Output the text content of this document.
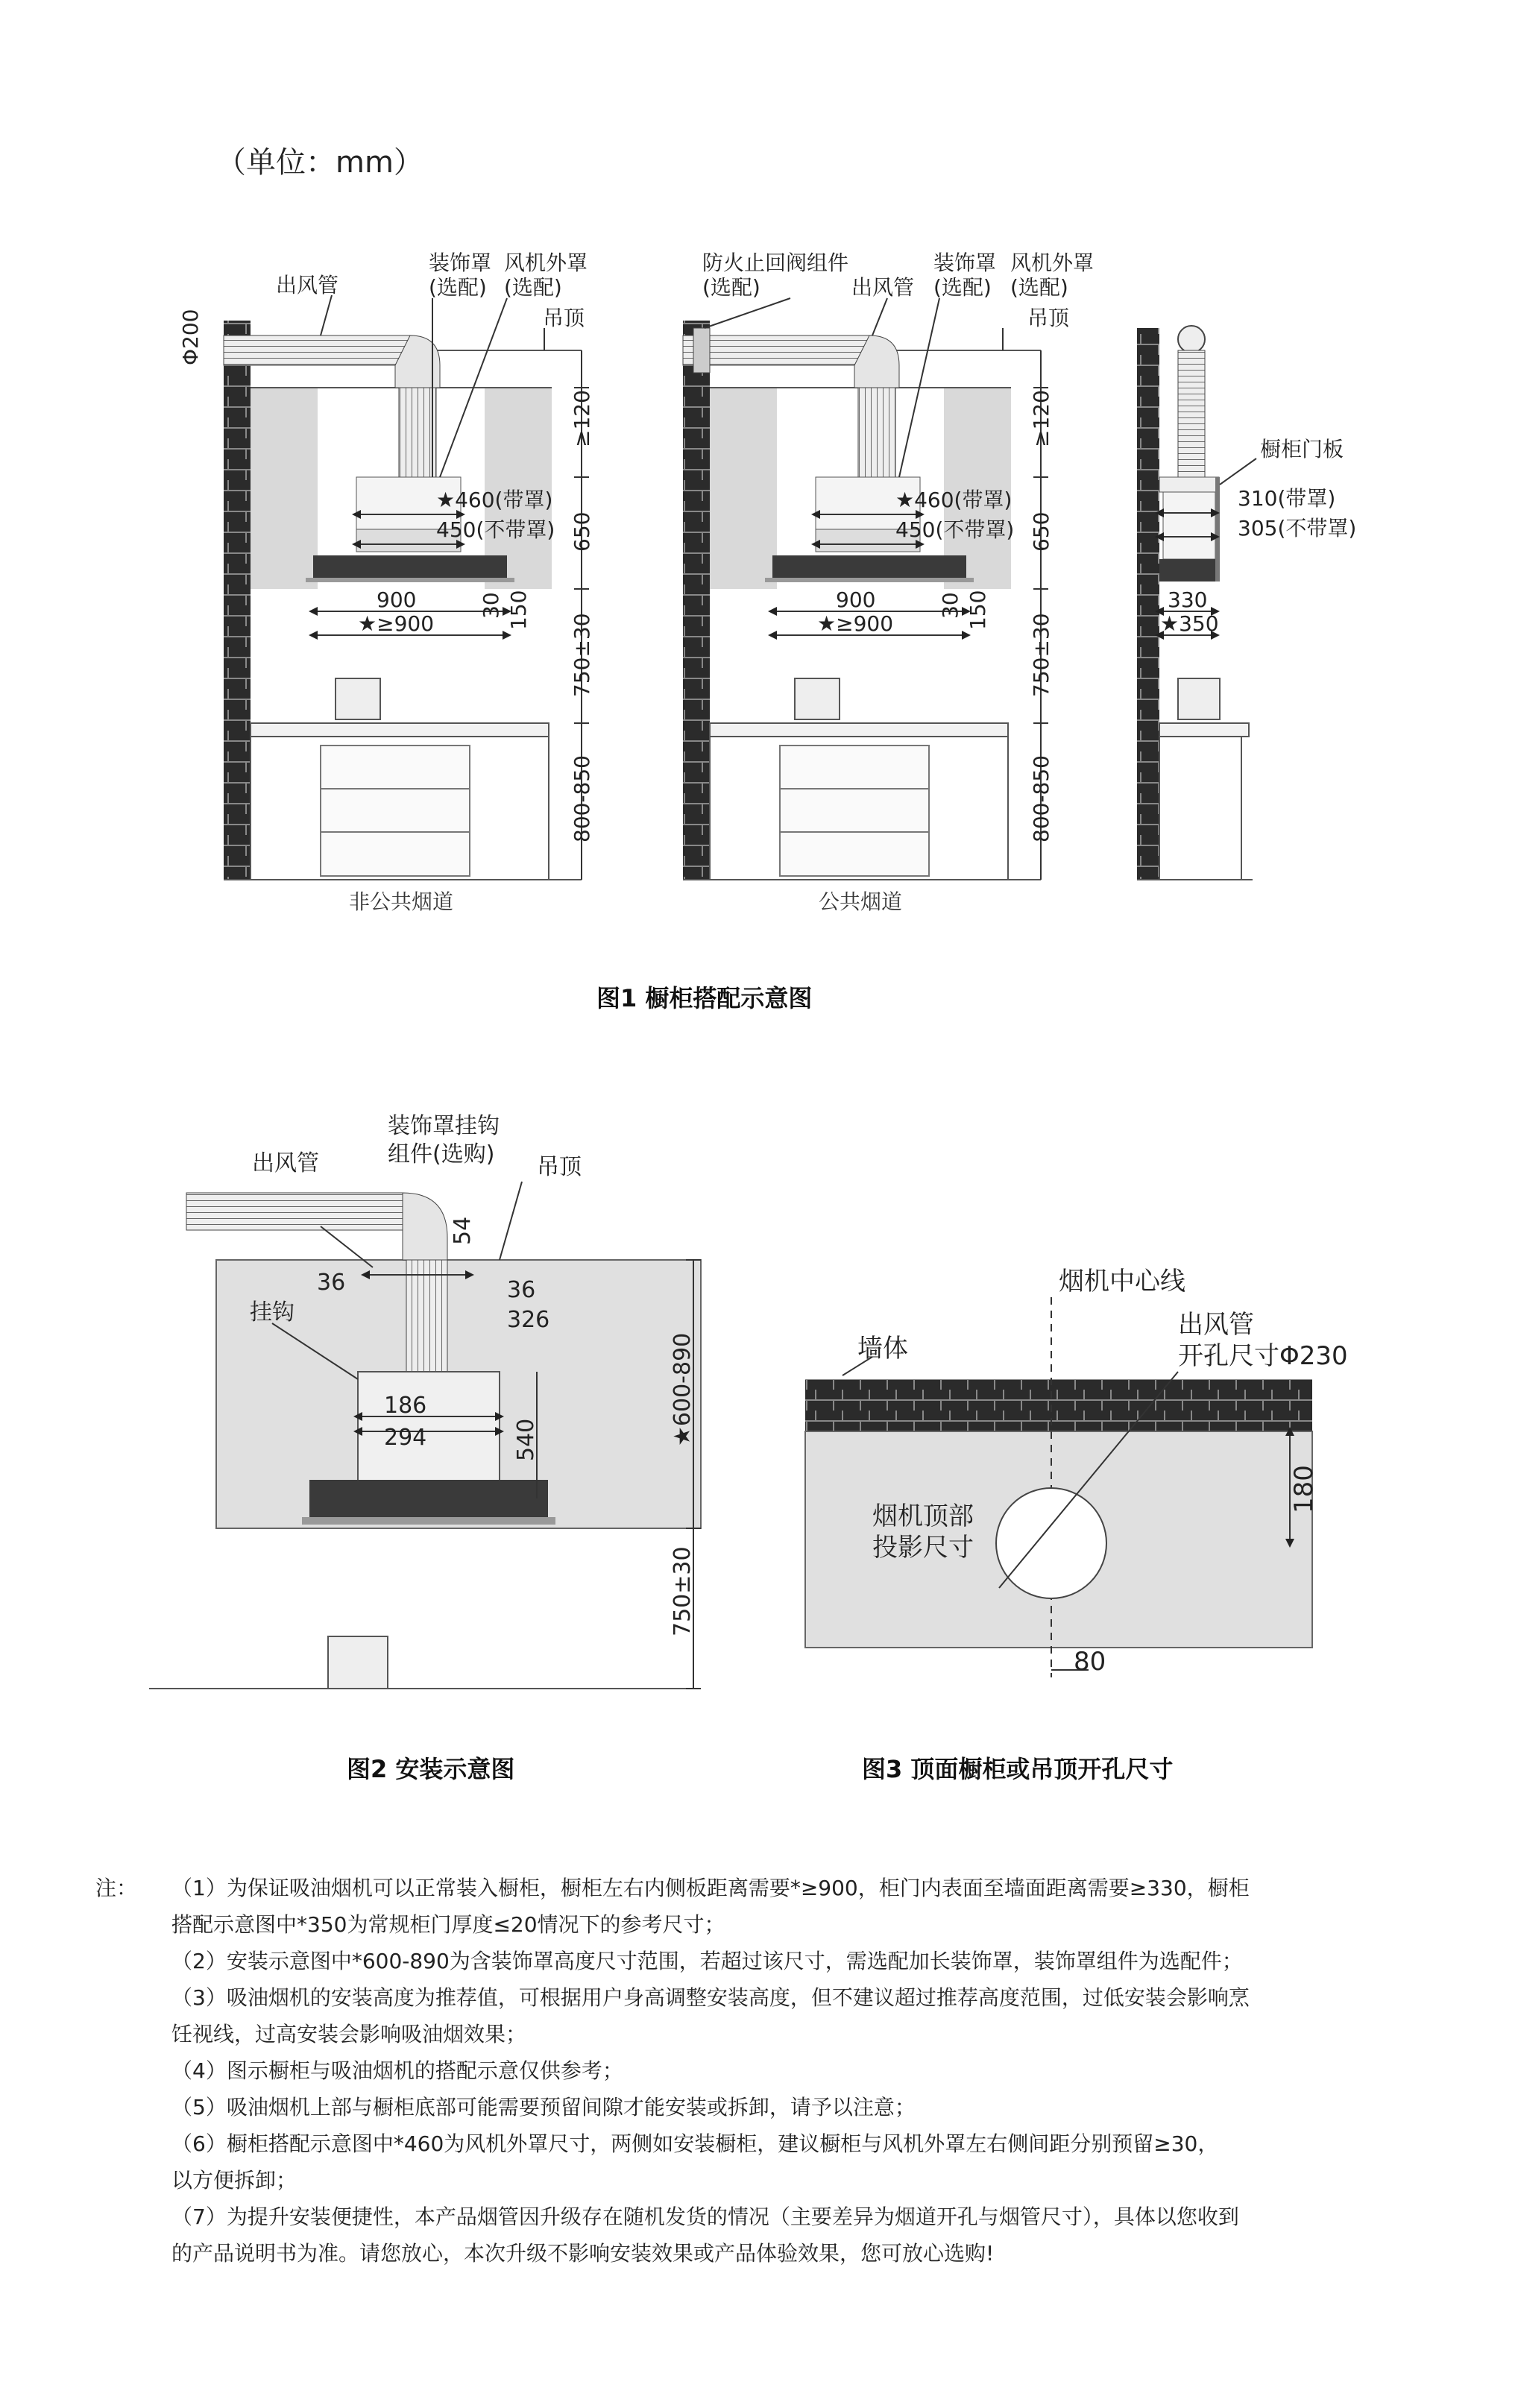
（单位：mm）
出风管
装饰罩
(选配)
风机外罩
(选配)
吊顶
Φ200
≥120
★460(带罩)
450(不带罩) 650
900
★≥900
30 150
750±30
800-850
防火止回阀组件
(选配)	出风管
装饰罩
(选配)
风机外罩
(选配)
吊顶
≥120
★460(带罩)
450(不带罩) 650
900
★≥900
30 150
750±30
800-850
橱柜门板
310(带罩)
305(不带罩)
330
★350
非公共烟道	公共烟道
图1 橱柜搭配示意图
出风管
装饰罩挂钩
组件(选购) 吊顶
挂钩
54
36	36
326
186
294	540	★600-890
750±30
烟机中心线
墙体
出风管
开孔尺寸Φ230
烟机顶部
投影尺寸
180
80
图2 安装示意图	图3 顶面橱柜或吊顶开孔尺寸
注： （1）为保证吸油烟机可以正常装入橱柜，橱柜左右内侧板距离需要*≥900，柜门内表面至墙面距离需要≥330，橱柜

搭配示意图中*350为常规柜门厚度≤20情况下的参考尺寸；

（2）安装示意图中*600-890为含装饰罩高度尺寸范围，若超过该尺寸，需选配加长装饰罩，装饰罩组件为选配件；

（3）吸油烟机的安装高度为推荐值，可根据用户身高调整安装高度，但不建议超过推荐高度范围，过低安装会影响烹

饪视线，过高安装会影响吸油烟效果；

（4）图示橱柜与吸油烟机的搭配示意仅供参考；

（5）吸油烟机上部与橱柜底部可能需要预留间隙才能安装或拆卸，请予以注意；

（6）橱柜搭配示意图中*460为风机外罩尺寸，两侧如安装橱柜，建议橱柜与风机外罩左右侧间距分别预留≥30，

以方便拆卸；

（7）为提升安装便捷性，本产品烟管因升级存在随机发货的情况（主要差异为烟道开孔与烟管尺寸），具体以您收到

的产品说明书为准。请您放心，本次升级不影响安装效果或产品体验效果，您可放心选购!
